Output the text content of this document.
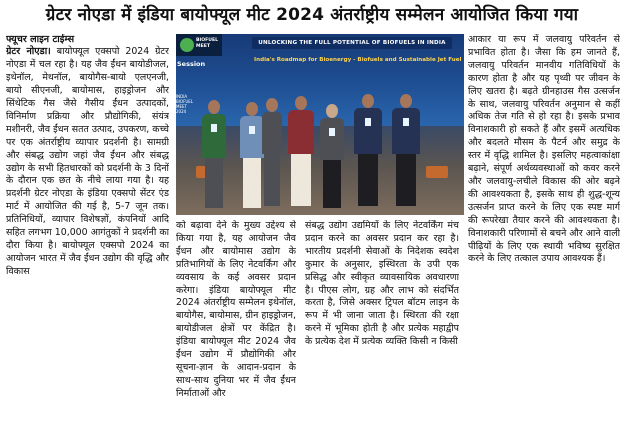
ग्रेटर नोएडा में इंडिया बायोफ्यूल मीट 2024 अंतर्राष्ट्रीय सम्मेलन आयोजित किया गया
फ्यूचर लाइन टाईम्स
ग्रेटर नोएडा। बायोफ्यूल एक्सपो 2024 ग्रेटर नोएडा में चल रहा है। यह जैव ईंधन बायोडीजल, इथेनॉल, मेथनॉल, बायोगैस-बायो एलएनजी, बायो सीएनजी, बायोमास, हाइड्रोजन और सिंथेटिक गैस जैसे गैसीय ईंधन उत्पादकों, विनिर्माण प्रक्रिया और प्रौद्योगिकी, संयंत्र मशीनरी, जैव ईंधन सतत उत्पाद, उपकरण, कच्चे पर एक अंतर्राष्ट्रीय व्यापार प्रदर्शनी है। सामग्री और संबद्ध उद्योग जहां जैव ईंधन और संबद्ध उद्योग के सभी हितधारकों को प्रदर्शनी के 3 दिनों के दौरान एक छत के नीचे लाया गया है। यह प्रदर्शनी ग्रेटर नोएडा के इंडिया एक्सपो सेंटर एंड मार्ट में आयोजित की गई है, 5-7 जून तक। प्रतिनिधियों, व्यापार विशेषज्ञों, कंपनियों आदि सहित लगभग 10,000 आगंतुकों ने प्रदर्शनी का दौरा किया है। बायोफ्यूल एक्सपो 2024 का आयोजन भारत में जैव ईंधन उद्योग की वृद्धि और विकास
BIOFUEL MEET
UNLOCKING THE FULL POTENTIAL OF BIOFUELS IN INDIA
India's Roadmap for Bioenergy - Biofuels and Sustainable Jet Fuel
Session
INDIA BIOFUEL MEET 2024
को बढ़ावा देने के मुख्य उद्देश्य से किया गया है, यह आयोजन जैव ईंधन और बायोमास उद्योग के प्रतिभागियों के लिए नेटवर्किंग और व्यवसाय के कई अवसर प्रदान करेगा। इंडिया बायोफ्यूल मीट 2024 अंतर्राष्ट्रीय सम्मेलन इथेनॉल, बायोगैस, बायोमास, ग्रीन हाइड्रोजन, बायोडीजल क्षेत्रों पर केंद्रित है। इंडिया बायोफ्यूल मीट 2024 जैव ईंधन उद्योग में प्रौद्योगिकी और सूचना-ज्ञान के आदान-प्रदान के साथ-साथ दुनिया भर में जैव ईंधन निर्माताओं और
संबद्ध उद्योग उद्यमियों के लिए नेटवर्किंग मंच प्रदान करने का अवसर प्रदान कर रहा है। भारतीय प्रदर्शनी सेवाओं के निदेशक स्वदेश कुमार के अनुसार, इस्थिरता के उपी एक प्रसिद्ध और स्वीकृत व्यावसायिक अवधारणा है। पीएस लोग, ग्रह और लाभ को संदर्भित करता है, जिसे अक्सर ट्रिपल बॉटम लाइन के रूप में भी जाना जाता है। स्थिरता की रक्षा करने में भूमिका होती है और प्रत्येक महाद्वीप के प्रत्येक देश में प्रत्येक व्यक्ति किसी न किसी
आकार या रूप में जलवायु परिवर्तन से प्रभावित होता है। जैसा कि हम जानते हैं, जलवायु परिवर्तन मानवीय गतिविधियों के कारण होता है और यह पृथ्वी पर जीवन के लिए खतरा है। बढ़ते ग्रीनहाउस गैस उत्सर्जन के साथ, जलवायु परिवर्तन अनुमान से कहीं अधिक तेज गति से हो रहा है। इसके प्रभाव विनाशकारी हो सकते हैं और इसमें अत्यधिक और बदलते मौसम के पैटर्न और समुद्र के स्तर में वृद्धि शामिल है। इसलिए महत्वाकांक्षा बढ़ाने, संपूर्ण अर्थव्यवस्थाओं को कवर करने और जलवायु-लचीले विकास की ओर बढ़ने की आवश्यकता है, इसके साथ ही शुद्ध-शून्य उत्सर्जन प्राप्त करने के लिए एक स्पष्ट मार्ग की रूपरेखा तैयार करने की आवश्यकता है। विनाशकारी परिणामों से बचने और आने वाली पीढ़ियों के लिए एक स्थायी भविष्य सुरक्षित करने के लिए तत्काल उपाय आवश्यक हैं।
